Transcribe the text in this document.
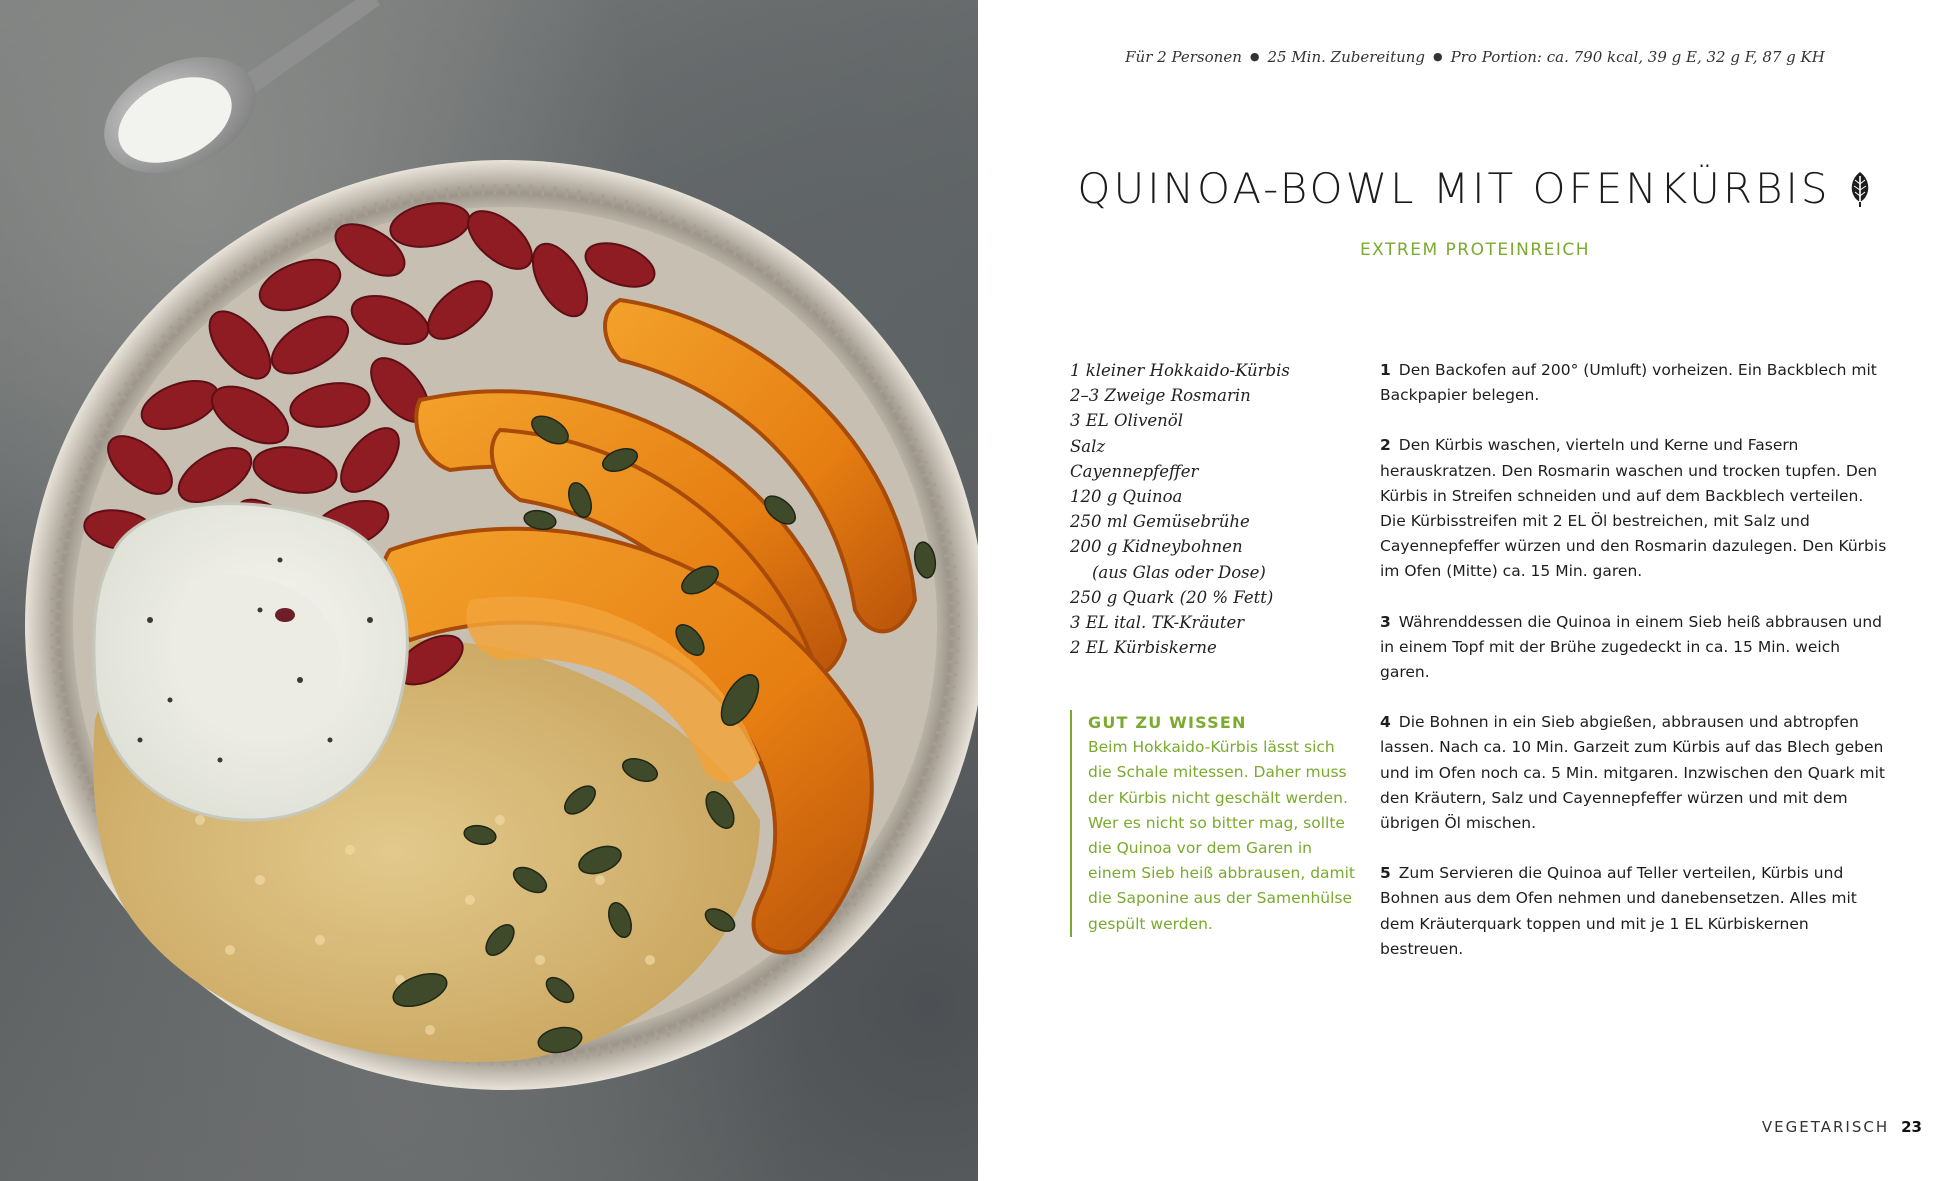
Für 2 Personen ● 25 Min. Zubereitung ● Pro Portion: ca. 790 kcal, 39 g E, 32 g F, 87 g KH
QUINOA-BOWL MIT OFENKÜRBIS
EXTREM PROTEINREICH
1 kleiner Hokkaido-Kürbis
2–3 Zweige Rosmarin
3 EL Olivenöl
Salz
Cayennepfeffer
120 g Quinoa
250 ml Gemüsebrühe
200 g Kidneybohnen
(aus Glas oder Dose)
250 g Quark (20 % Fett)
3 EL ital. TK-Kräuter
2 EL Kürbiskerne
GUT ZU WISSEN
Beim Hokkaido-Kürbis lässt sich die Schale mitessen. Daher muss der Kürbis nicht geschält werden. Wer es nicht so bitter mag, sollte die Quinoa vor dem Garen in einem Sieb heiß abbrausen, damit die Saponine aus der Samenhülse gespült werden.
1 Den Backofen auf 200° (Umluft) vorheizen. Ein Backblech mit Backpapier belegen.
2 Den Kürbis waschen, vierteln und Kerne und Fasern herauskratzen. Den Rosmarin waschen und trocken tupfen. Den Kürbis in Streifen schneiden und auf dem Backblech verteilen. Die Kürbisstreifen mit 2 EL Öl bestreichen, mit Salz und Cayennepfeffer würzen und den Rosmarin dazulegen. Den Kürbis im Ofen (Mitte) ca. 15 Min. garen.
3 Währenddessen die Quinoa in einem Sieb heiß abbrausen und in einem Topf mit der Brühe zugedeckt in ca. 15 Min. weich garen.
4 Die Bohnen in ein Sieb abgießen, abbrausen und abtropfen lassen. Nach ca. 10 Min. Garzeit zum Kürbis auf das Blech geben und im Ofen noch ca. 5 Min. mitgaren. Inzwischen den Quark mit den Kräutern, Salz und Cayennepfeffer würzen und mit dem übrigen Öl mischen.
5 Zum Servieren die Quinoa auf Teller verteilen, Kürbis und Bohnen aus dem Ofen nehmen und danebensetzen. Alles mit dem Kräuterquark toppen und mit je 1 EL Kürbiskernen bestreuen.
VEGETARISCH 23
